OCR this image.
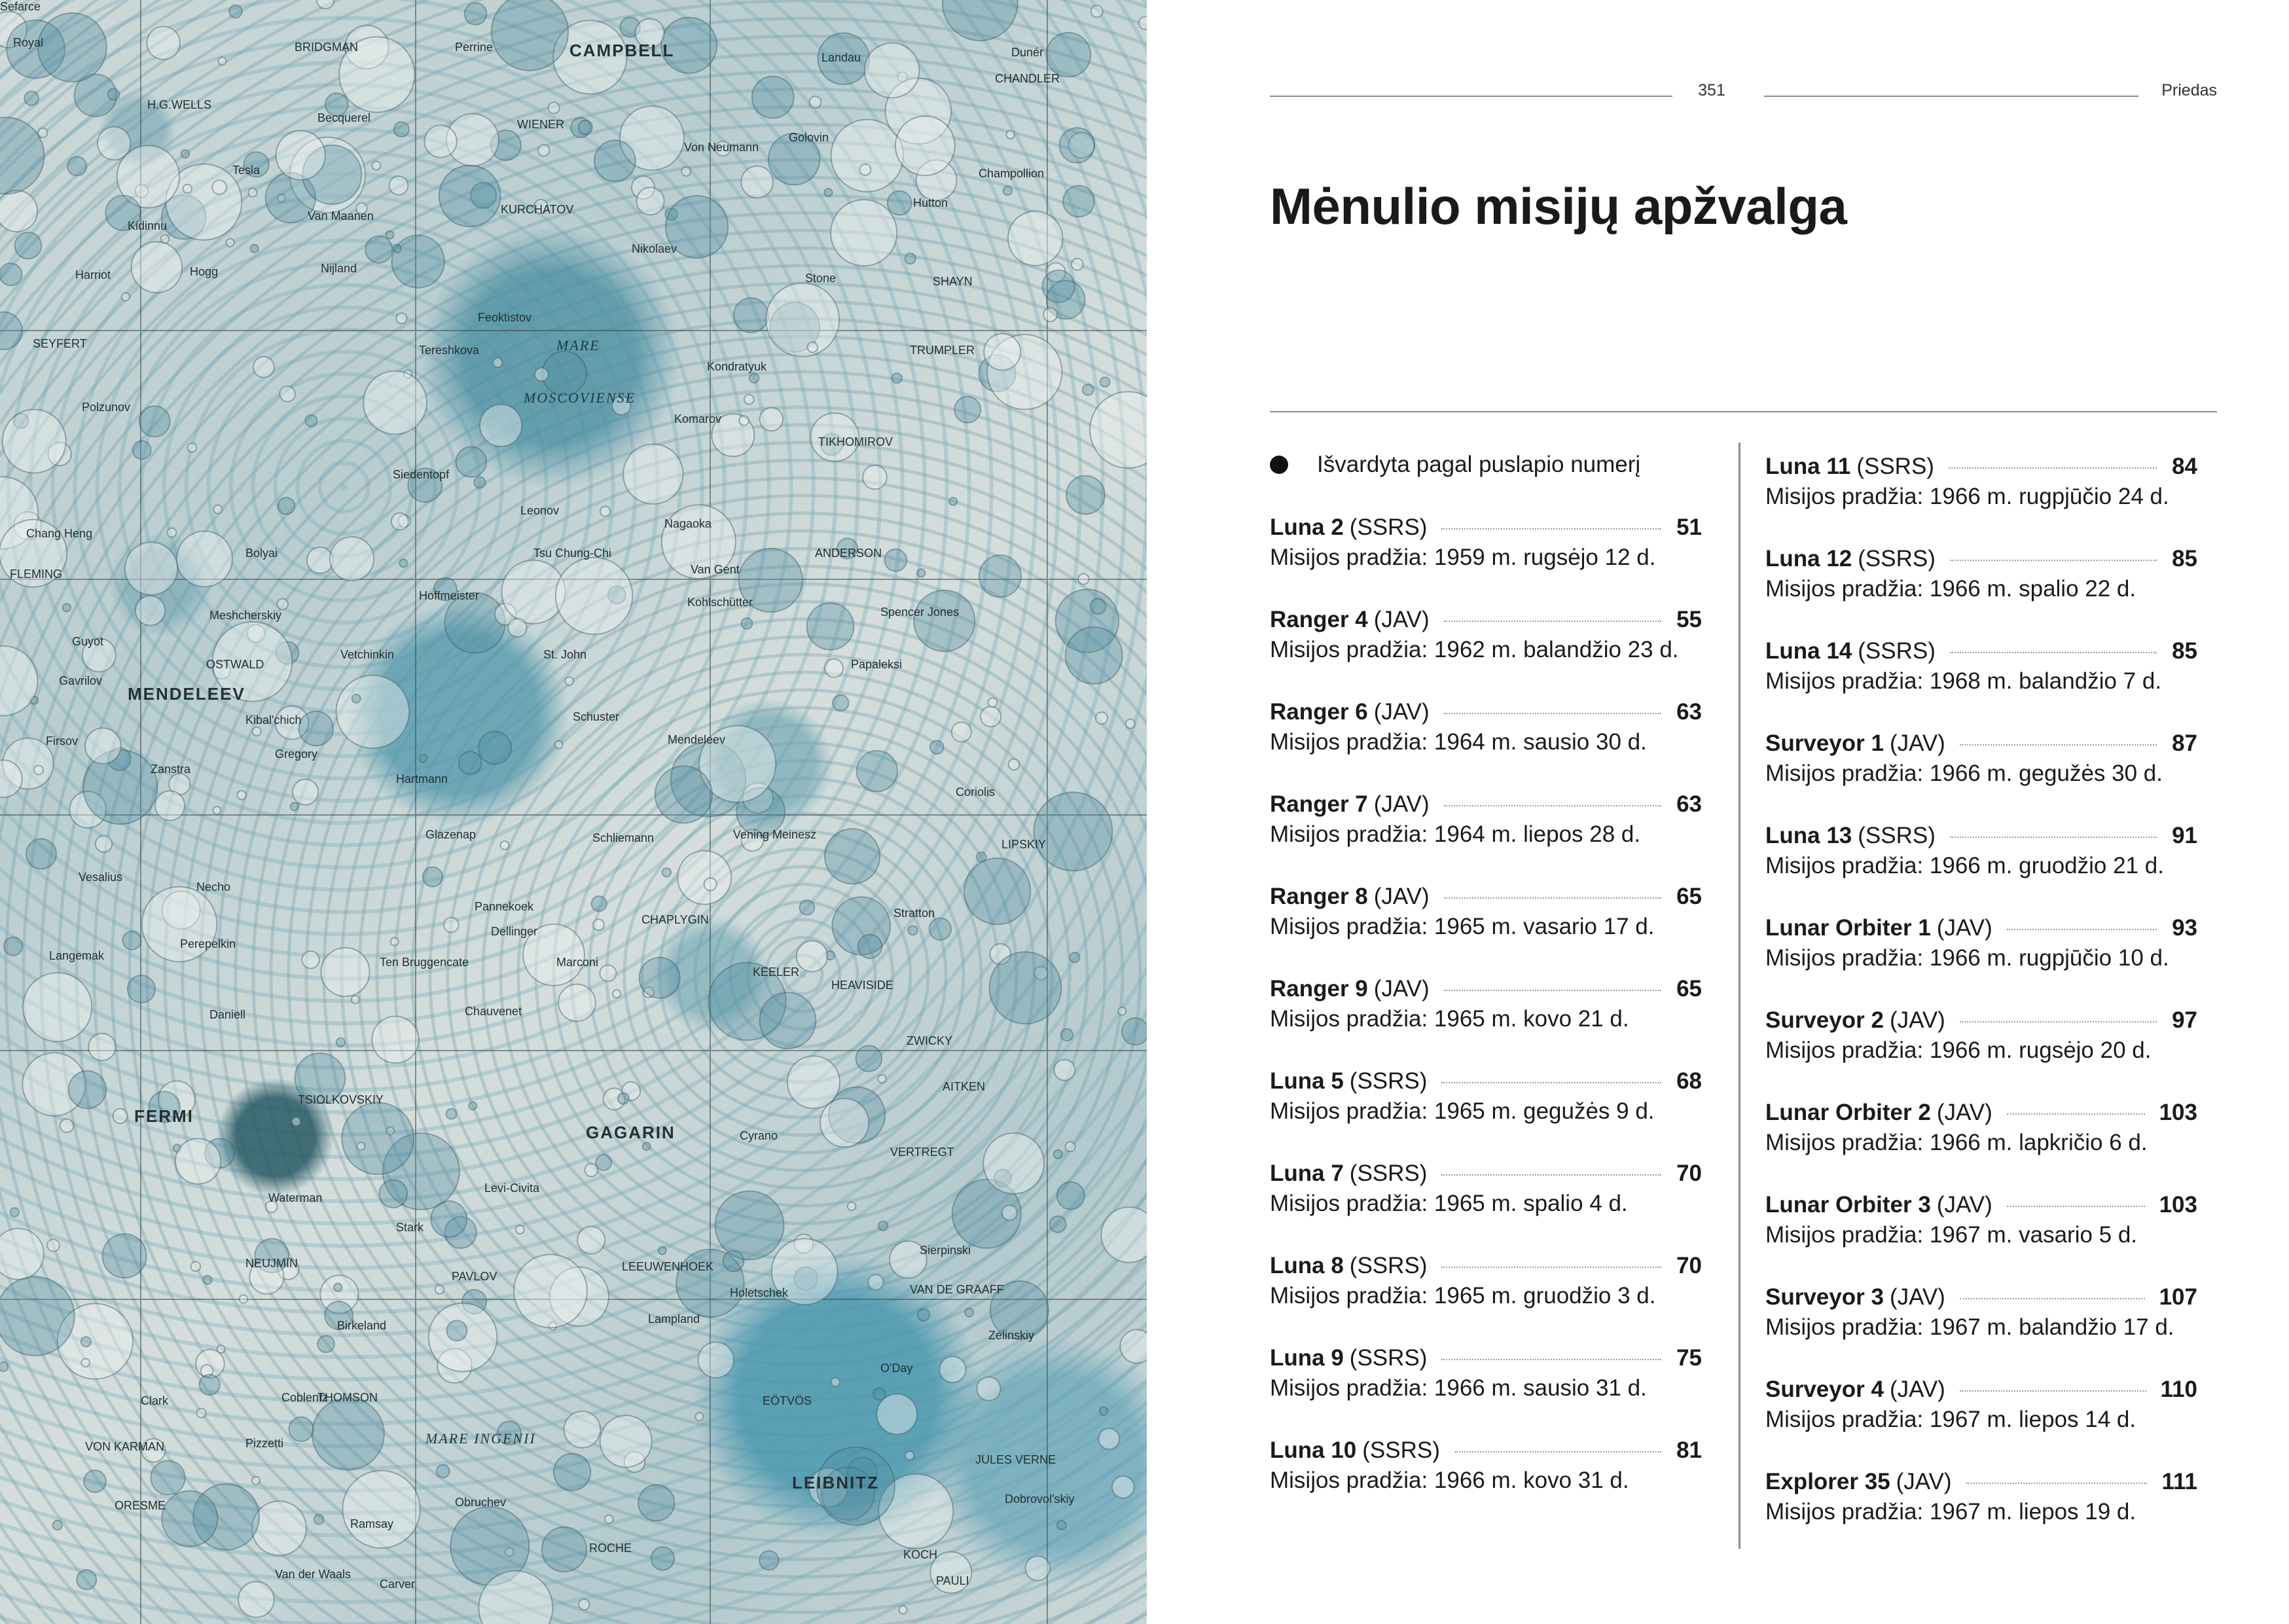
Royal	BRIDGMAN	Perrine	CAMPBELL	Landau	Dunér
CHANDLER
H.G.WELLS
Becquerel
Tesla
WIENER
Von Neumann
Golovin
Champollion
Kidinnu
Van Maanen	KURCHATOV
Nikolaev
Hutton
Harriot	Hogg	Nijland
Stone	SHAYN
SEYFERT
Feoktistov
MARE
MOSCOVIENSE
TRUMPLER
Polzunov
Tereshkova
Komarov
TIKHOMIROV
Chang Heng
Siedentopf
Leonov
Nagaoka
Kondratyuk
ANDERSON
FLEMING
Tsu Chung-Chi
Van Gent
Meshcherskiy
Hoffmeister	Kohlschütter
Spencer Jones
Guyot
OSTWALD
Vetchinkin	St. John
Papaleksi
Kibal'chich
MENDELEEV
Schuster
Mendeleev
Firsov
Hartmann
Zanstra
Gregory
Coriolis
Glazenap	Schliemann	Vening Meinesz
LIPSKIY
Vesalius
Necho
Pannekoek
Dellinger
CHAPLYGIN	Stratton
Langemak
Perepelkin
Ten Bruggencate	Marconi
KEELER
HEAVISIDE
Chauvenet
Daniell
ZWICKY
FERMI
TSIOLKOVSKIY
GAGARIN
AITKEN
Waterman
Levi-Civita
Cyrano
VERTREGT
NEUJMIN
Stark
PAVLOV
Sierpinski
VAN DE GRAAFF
LEEUWENHOEK
Holetschek
Zelinskiy
Birkeland	Lampland
O'Day
THOMSON	EÖTVÖS
MARE INGENII
JULES VERNE
LEIBNITZ
Obruchev
Ramsay
ROCHE	KOCH
ORESME
Van der Waals
Carver	PAULI
VON KARMAN
Clark
Pizzetti
Coblentz
Bolyai
Gavrilov
Dobrovol'skiy
Sefarce
351	Priedas
Mėnulio misijų apžvalga
Išvardyta pagal puslapio numerį
Luna 2 (SSRS)	51
Misijos pradžia: 1959 m. rugsėjo 12 d.
Ranger 4 (JAV)	55
Misijos pradžia: 1962 m. balandžio 23 d.
Ranger 6 (JAV)	63
Misijos pradžia: 1964 m. sausio 30 d.
Ranger 7 (JAV)	63
Misijos pradžia: 1964 m. liepos 28 d.
Ranger 8 (JAV)	65
Misijos pradžia: 1965 m. vasario 17 d.
Ranger 9 (JAV)	65
Misijos pradžia: 1965 m. kovo 21 d.
Luna 5 (SSRS)	68
Misijos pradžia: 1965 m. gegužės 9 d.
Luna 7 (SSRS)	70
Misijos pradžia: 1965 m. spalio 4 d.
Luna 8 (SSRS)	70
Misijos pradžia: 1965 m. gruodžio 3 d.
Luna 9 (SSRS)	75
Misijos pradžia: 1966 m. sausio 31 d.
Luna 10 (SSRS)	81
Misijos pradžia: 1966 m. kovo 31 d.
Luna 11 (SSRS)	84
Misijos pradžia: 1966 m. rugpjūčio 24 d.
Luna 12 (SSRS)	85
Misijos pradžia: 1966 m. spalio 22 d.
Luna 14 (SSRS)	85
Misijos pradžia: 1968 m. balandžio 7 d.
Surveyor 1 (JAV)	87
Misijos pradžia: 1966 m. gegužės 30 d.
Luna 13 (SSRS)	91
Misijos pradžia: 1966 m. gruodžio 21 d.
Lunar Orbiter 1 (JAV)	93
Misijos pradžia: 1966 m. rugpjūčio 10 d.
Surveyor 2 (JAV)	97
Misijos pradžia: 1966 m. rugsėjo 20 d.
Lunar Orbiter 2 (JAV)	103
Misijos pradžia: 1966 m. lapkričio 6 d.
Lunar Orbiter 3 (JAV)	103
Misijos pradžia: 1967 m. vasario 5 d.
Surveyor 3 (JAV)	107
Misijos pradžia: 1967 m. balandžio 17 d.
Surveyor 4 (JAV)	110
Misijos pradžia: 1967 m. liepos 14 d.
Explorer 35 (JAV)	111
Misijos pradžia: 1967 m. liepos 19 d.
